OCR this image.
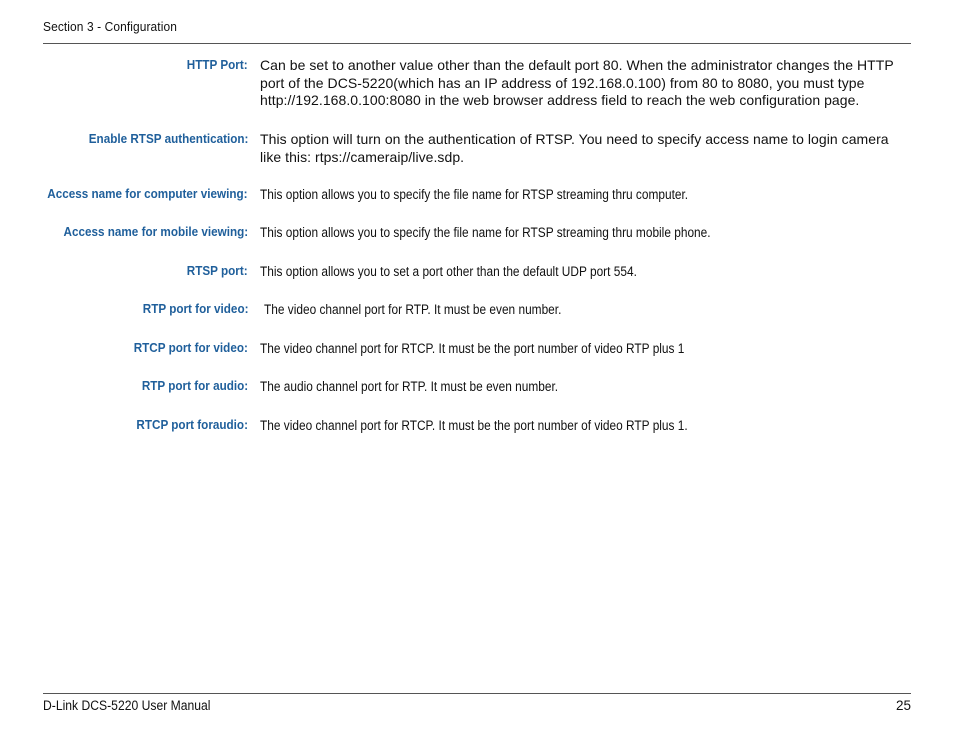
Section 3 - Configuration
HTTP Port: Can be set to another value other than the default port 80. When the administrator changes the HTTP port of the DCS-5220(which has an IP address of 192.168.0.100) from 80 to 8080, you must type http://192.168.0.100:8080 in the web browser address field to reach the web configuration page.
Enable RTSP authentication: This option will turn on the authentication of RTSP. You need to specify access name to login camera like this: rtps://cameraip/live.sdp.
Access name for computer viewing: This option allows you to specify the file name for RTSP streaming thru computer.
Access name for mobile viewing: This option allows you to specify the file name for RTSP streaming thru mobile phone.
RTSP port: This option allows you to set a port other than the default UDP port 554.
RTP port for video: The video channel port for RTP. It must be even number.
RTCP port for video: The video channel port for RTCP. It must be the port number of video RTP plus 1
RTP port for audio: The audio channel port for RTP. It must be even number.
RTCP port foraudio: The video channel port for RTCP. It must be the port number of video RTP plus 1.
D-Link DCS-5220 User Manual	25
